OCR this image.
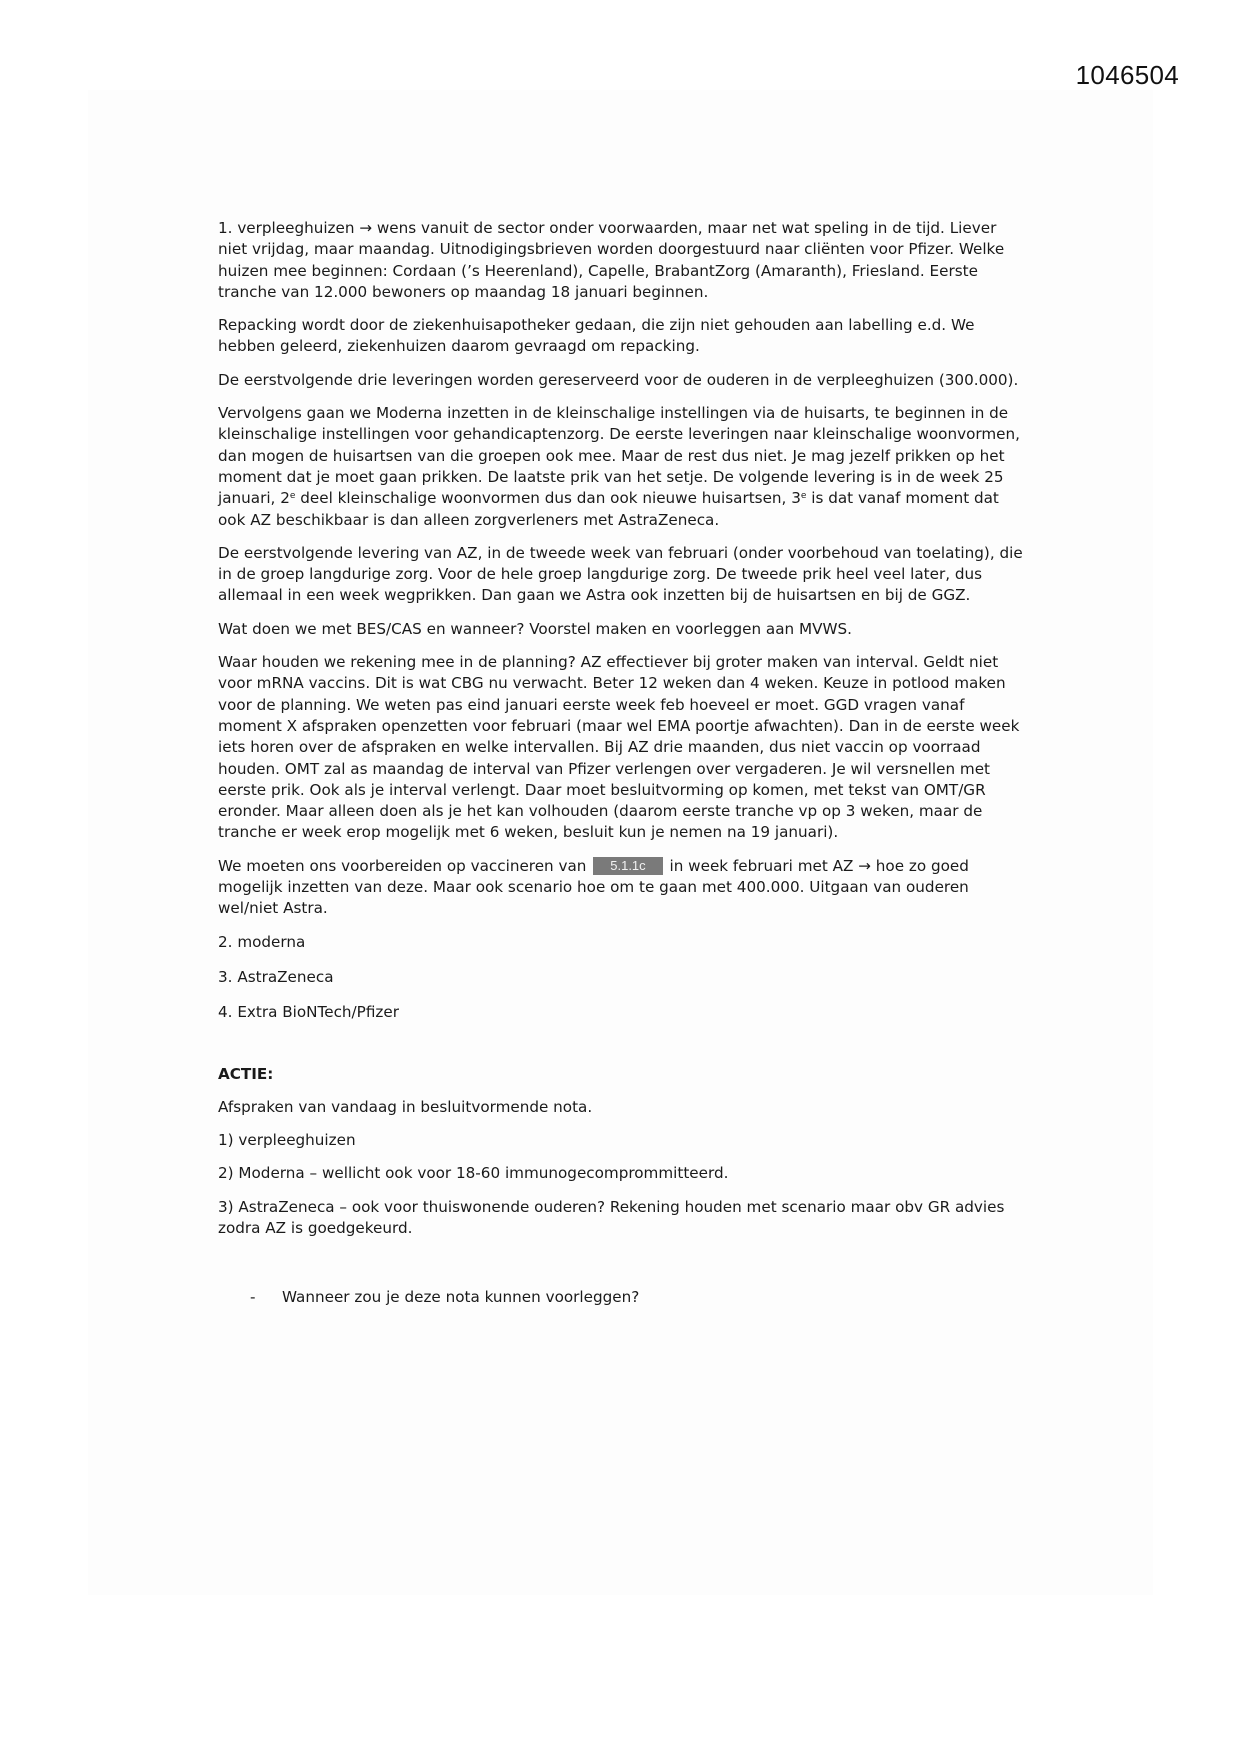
1046504

1. verpleeghuizen → wens vanuit de sector onder voorwaarden, maar net wat speling in de tijd. Liever niet vrijdag, maar maandag. Uitnodigingsbrieven worden doorgestuurd naar cliënten voor Pfizer. Welke huizen mee beginnen: Cordaan (’s Heerenland), Capelle, BrabantZorg (Amaranth), Friesland. Eerste tranche van 12.000 bewoners op maandag 18 januari beginnen.

Repacking wordt door de ziekenhuisapotheker gedaan, die zijn niet gehouden aan labelling e.d. We hebben geleerd, ziekenhuizen daarom gevraagd om repacking.

De eerstvolgende drie leveringen worden gereserveerd voor de ouderen in de verpleeghuizen (300.000).

Vervolgens gaan we Moderna inzetten in de kleinschalige instellingen via de huisarts, te beginnen in de kleinschalige instellingen voor gehandicaptenzorg. De eerste leveringen naar kleinschalige woonvormen, dan mogen de huisartsen van die groepen ook mee. Maar de rest dus niet. Je mag jezelf prikken op het moment dat je moet gaan prikken. De laatste prik van het setje. De volgende levering is in de week 25 januari, 2e deel kleinschalige woonvormen dus dan ook nieuwe huisartsen, 3e is dat vanaf moment dat ook AZ beschikbaar is dan alleen zorgverleners met AstraZeneca.

De eerstvolgende levering van AZ, in de tweede week van februari (onder voorbehoud van toelating), die in de groep langdurige zorg. Voor de hele groep langdurige zorg. De tweede prik heel veel later, dus allemaal in een week wegprikken. Dan gaan we Astra ook inzetten bij de huisartsen en bij de GGZ.

Wat doen we met BES/CAS en wanneer? Voorstel maken en voorleggen aan MVWS.

Waar houden we rekening mee in de planning? AZ effectiever bij groter maken van interval. Geldt niet voor mRNA vaccins. Dit is wat CBG nu verwacht. Beter 12 weken dan 4 weken. Keuze in potlood maken voor de planning. We weten pas eind januari eerste week feb hoeveel er moet. GGD vragen vanaf moment X afspraken openzetten voor februari (maar wel EMA poortje afwachten). Dan in de eerste week iets horen over de afspraken en welke intervallen. Bij AZ drie maanden, dus niet vaccin op voorraad houden. OMT zal as maandag de interval van Pfizer verlengen over vergaderen. Je wil versnellen met eerste prik. Ook als je interval verlengt. Daar moet besluitvorming op komen, met tekst van OMT/GR eronder. Maar alleen doen als je het kan volhouden (daarom eerste tranche vp op 3 weken, maar de tranche er week erop mogelijk met 6 weken, besluit kun je nemen na 19 januari).

We moeten ons voorbereiden op vaccineren van 5.1.1c in week februari met AZ → hoe zo goed mogelijk inzetten van deze. Maar ook scenario hoe om te gaan met 400.000. Uitgaan van ouderen wel/niet Astra.

2. moderna
3. AstraZeneca
4. Extra BioNTech/Pfizer
ACTIE:

Afspraken van vandaag in besluitvormende nota.

1) verpleeghuizen

2) Moderna – wellicht ook voor 18-60 immunogecomprommitteerd.

3) AstraZeneca – ook voor thuiswonende ouderen? Rekening houden met scenario maar obv GR advies zodra AZ is goedgekeurd.

-	Wanneer zou je deze nota kunnen voorleggen?
